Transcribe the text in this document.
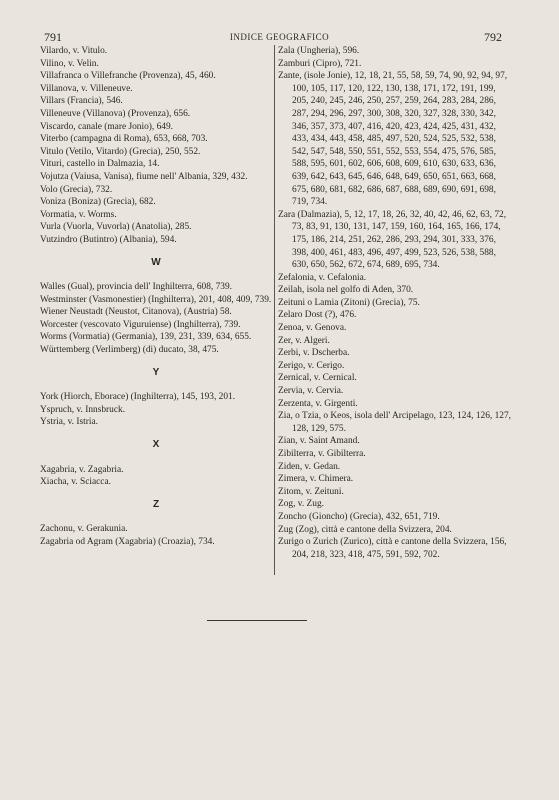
791	INDICE GEOGRAFICO	792
Vilardo, v. Vitulo.
Vilino, v. Velin.
Villafranca o Villefranche (Provenza), 45, 460.
Villanova, v. Villeneuve.
Villars (Francia), 546.
Villeneuve (Villanova) (Provenza), 656.
Viscardo, canale (mare Jonio), 649.
Viterbo (campagna di Roma), 653, 668, 703.
Vitulo (Vetilo, Vitardo) (Grecia), 250, 552.
Vituri, castello in Dalmazia, 14.
Vojutza (Vaiusa, Vanisa), fiume nell' Albania, 329, 432.
Volo (Grecia), 732.
Voniza (Boniza) (Grecia), 682.
Vormatia, v. Worms.
Vurla (Vuorla, Vuvorla) (Anatolia), 285.
Vutzindro (Butintro) (Albania), 594.
W
Walles (Gual), provincia dell' Inghilterra, 608, 739.
Westminster (Vasmonestier) (Inghilterra), 201, 408, 409, 739.
Wiener Neustadt (Neustot, Citanova), (Austria) 58.
Worcester (vescovato Viguruiense) (Inghilterra), 739.
Worms (Vormatia) (Germania), 139, 231, 339, 634, 655.
Württemberg (Verlimberg) (di) ducato, 38, 475.
Y
York (Hiorch, Eborace) (Inghilterra), 145, 193, 201.
Yspruch, v. Innsbruck.
Ystria, v. Istria.
X
Xagabria, v. Zagabria.
Xiacha, v. Sciacca.
Z
Zachonu, v. Gerakunia.
Zagabria od Agram (Xagabria) (Croazia), 734.
Zala (Ungheria), 596.
Zamburi (Cipro), 721.
Zante, (isole Jonie), 12, 18, 21, 55, 58, 59, 74, 90, 92, 94, 97, 100, 105, 117, 120, 122, 130, 138, 171, 172, 191, 199, 205, 240, 245, 246, 250, 257, 259, 264, 283, 284, 286, 287, 294, 296, 297, 300, 308, 320, 327, 328, 330, 342, 346, 357, 373, 407, 416, 420, 423, 424, 425, 431, 432, 433, 434, 443, 458, 485, 497, 520, 524, 525, 532, 538, 542, 547, 548, 550, 551, 552, 553, 554, 475, 576, 585, 588, 595, 601, 602, 606, 608, 609, 610, 630, 633, 636, 639, 642, 643, 645, 646, 648, 649, 650, 651, 663, 668, 675, 680, 681, 682, 686, 687, 688, 689, 690, 691, 698, 719, 734.
Zara (Dalmazia), 5, 12, 17, 18, 26, 32, 40, 42, 46, 62, 63, 72, 73, 83, 91, 130, 131, 147, 159, 160, 164, 165, 166, 174, 175, 186, 214, 251, 262, 286, 293, 294, 301, 333, 376, 398, 400, 461, 483, 496, 497, 499, 523, 526, 538, 588, 630, 650, 562, 672, 674, 689, 695, 734.
Zefalonia, v. Cefalonia.
Zeilah, isola nel golfo di Aden, 370.
Zeituni o Lamia (Zitoni) (Grecia), 75.
Zelaro Dost (?), 476.
Zenoa, v. Genova.
Zer, v. Algeri.
Zerbi, v. Dscherba.
Zerigo, v. Cerigo.
Zernical, v. Cernical.
Zervia, v. Cervia.
Zerzenta, v. Girgenti.
Zia, o Tzia, o Keos, isola dell' Arcipelago, 123, 124, 126, 127, 128, 129, 575.
Zian, v. Saint Amand.
Zibilterra, v. Gibilterra.
Ziden, v. Gedan.
Zimera, v. Chimera.
Zitom, v. Zeituni.
Zog, v. Zug.
Zoncho (Gioncho) (Grecia), 432, 651, 719.
Zug (Zog), città e cantone della Svizzera, 204.
Zurigo o Zurich (Zurico), città e cantone della Svizzera, 156, 204, 218, 323, 418, 475, 591, 592, 702.
